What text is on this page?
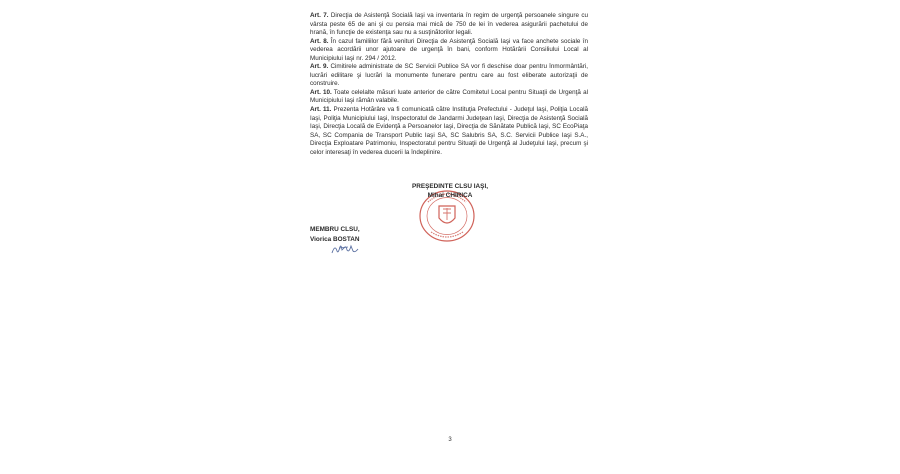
Art. 7. Direcţia de Asistenţă Socială Iaşi va inventaria în regim de urgenţă persoanele singure cu vârsta peste 65 de ani şi cu pensia mai mică de 750 de lei în vederea asigurării pachetului de hrană, în funcţie de existenţa sau nu a susţinătorilor legali.

Art. 8. În cazul familiilor fără venituri Direcţia de Asistenţă Socială Iaşi va face anchete sociale în vederea acordării unor ajutoare de urgenţă în bani, conform Hotărârii Consiliului Local al Municipiului Iaşi nr. 294 / 2012.

Art. 9. Cimitirele administrate de SC Servicii Publice SA vor fi deschise doar pentru înmormântări, lucrări edilitare şi lucrări la monumente funerare pentru care au fost eliberate autorizaţii de construire.

Art. 10. Toate celelalte măsuri luate anterior de către Comitetul Local pentru Situaţii de Urgenţă al Municipiului Iaşi rămân valabile.

Art. 11. Prezenta Hotărâre va fi comunicată către Instituţia Prefectului - Judeţul Iaşi, Poliţia Locală Iaşi, Poliţia Municipiului Iaşi, Inspectoratul de Jandarmi Judeţean Iaşi, Direcţia de Asistenţă Socială Iaşi, Direcţia Locală de Evidenţă a Persoanelor Iaşi, Direcţia de Sănătate Publică Iaşi, SC EcoPiaţa SA, SC Compania de Transport Public Iaşi SA, SC Salubris SA, S.C. Servicii Publice Iaşi S.A., Direcţia Exploatare Patrimoniu, Inspectoratul pentru Situaţii de Urgenţă al Judeţului Iaşi, precum şi celor interesaţi în vederea ducerii la îndeplinire.

PREŞEDINTE CLSU IAŞI,
Mihai CHIRICA
MEMBRU CLSU,
Viorica BOSTAN
3
